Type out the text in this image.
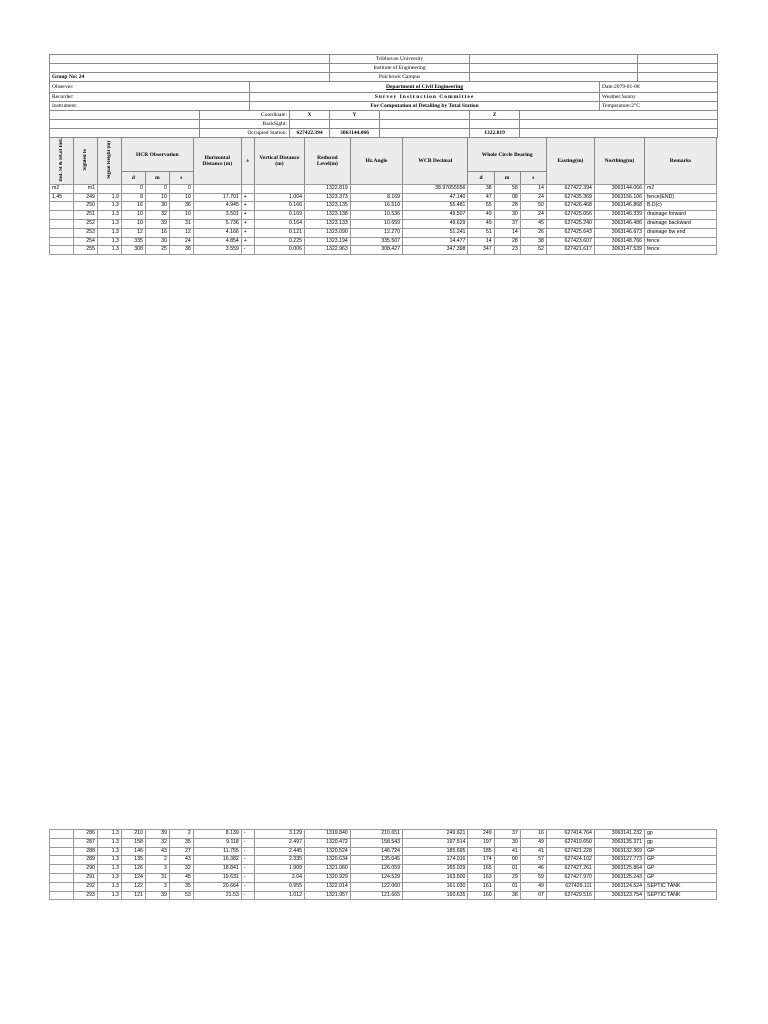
				Tribhuvan University					
				Institute of Engineering					
Group No: 24				Pulchowk Campus					
Observer:		Department of Civil Engineering						Date:2079-01-08	
Recorder:		Survey Instruction Committee						Weather:Sunny	
Instrument:		For Computation of Detailing by Total Station						Temperature:2°C	
	Coordinate:		X	Y		Z			
	BackSight:								
	Occupied Station:		627422.394	3063144.066		1322.819			
Inst. St & Ht.of Inst.	Sighted to	Signal Height (m)	HCR Observation			Horizontal Distance (m)	±	Vertical Distance (m)	Reduced Level(m)	Hz.Angle	WCB Decimal	Whole Circle Bearing			Easting(m)	Northing(m)	Remarks
			d	m	s							d	m	s			
m2	m1		0	0	0				1322.819		38.97055556	38	58	14	627422.394	3063144.066	m2
1.45	249	1.9	8	10	10	17.701	+	1.004	1323.373	8.169	47.140	47	08	24	627435.369	3063156.106	fence(END)
	250	1.3	16	30	36	4.945	+	0.166	1323.135	16.510	55.481	55	28	50	627426.468	3063146.868	B.D(c)
	251	1.3	10	32	10	3.501	+	0.169	1323.138	10.536	49.507	49	30	24	627425.056	3063146.339	drainage forward
	252	1.3	10	39	31	5.736	+	0.164	1323.133	10.659	49.629	49	37	45	627425.240	3063146.486	drainage backward
	253	1.3	12	16	12	4.166	+	0.121	1323.090	12.270	51.241	51	14	26	627425.643	3063146.673	drainage bw end
	254	1.3	335	30	24	4.854	+	0.225	1323.194	335.507	14.477	14	28	38	627423.607	3063148.766	fence
	255	1.3	308	25	38	3.559	-	0.006	1322.963	308.427	347.398	347	23	52	627421.617	3063147.539	fence
	286	1.3	210	39	2	8.139	-	3.129	1319.840	210.651	249.621	249	37	16	627414.764	3063141.232	gp
	287	1.3	158	32	35	9.118	-	2.497	1320.472	158.543	197.514	197	30	49	627419.650	3063135.371	gp
	288	1.3	146	43	27	11.755	-	2.445	1320.524	146.724	185.695	185	41	41	627421.228	3063132.369	GP
	289	1.3	135	2	43	16.382	-	2.335	1320.634	135.045	174.016	174	00	57	627424.102	3063127.773	GP
	290	1.3	126	3	32	18.841	-	1.909	1321.060	126.059	165.029	165	01	46	627427.261	3063125.864	GP
	291	1.3	124	31	45	19.631	-	2.04	1320.929	124.529	163.500	163	29	59	627427.970	3063125.243	GP
	292	1.3	122	3	35	20.664	-	0.955	1322.014	122.060	161.030	161	01	49	627429.111	3063124.524	SEPTIC TANK
	293	1.3	121	39	53	21.53	-	1.012	1321.957	121.665	160.635	160	38	07	627429.516	3063123.754	SEPTIC TANK
